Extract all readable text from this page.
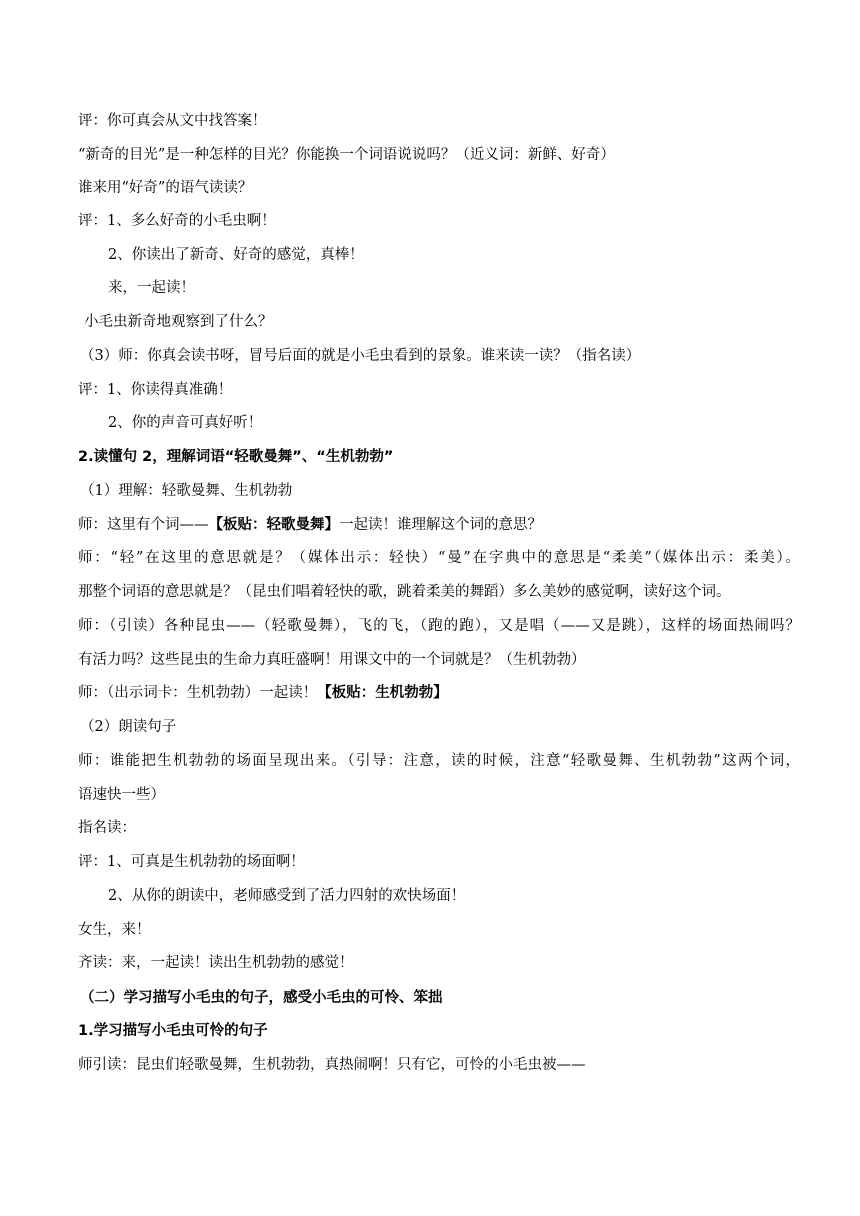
评：你可真会从文中找答案！
“新奇的目光”是一种怎样的目光？你能换一个词语说说吗？（近义词：新鲜、好奇）
谁来用“好奇”的语气读读？
评：1、多么好奇的小毛虫啊！
2、你读出了新奇、好奇的感觉，真棒！
来，一起读！
小毛虫新奇地观察到了什么？
（3）师：你真会读书呀，冒号后面的就是小毛虫看到的景象。谁来读一读？（指名读）
评：1、你读得真准确！
2、你的声音可真好听！
2.读懂句 2，理解词语“轻歌曼舞”、“生机勃勃”
（1）理解：轻歌曼舞、生机勃勃
师：这里有个词——【板贴：轻歌曼舞】一起读！谁理解这个词的意思？
师：“轻”在这里的意思就是？（媒体出示：轻快）“曼”在字典中的意思是“柔美”（媒体出示：柔美）。
那整个词语的意思就是？（昆虫们唱着轻快的歌，跳着柔美的舞蹈）多么美妙的感觉啊，读好这个词。
师：（引读）各种昆虫——（轻歌曼舞），飞的飞，（跑的跑），又是唱（——又是跳），这样的场面热闹吗？
有活力吗？这些昆虫的生命力真旺盛啊！用课文中的一个词就是？（生机勃勃）
师：（出示词卡：生机勃勃）一起读！【板贴：生机勃勃】
（2）朗读句子
师：谁能把生机勃勃的场面呈现出来。（引导：注意，读的时候，注意“轻歌曼舞、生机勃勃”这两个词，
语速快一些）
指名读：
评：1、可真是生机勃勃的场面啊！
2、从你的朗读中，老师感受到了活力四射的欢快场面！
女生，来！
齐读：来，一起读！读出生机勃勃的感觉！
（二）学习描写小毛虫的句子，感受小毛虫的可怜、笨拙
1.学习描写小毛虫可怜的句子
师引读：昆虫们轻歌曼舞，生机勃勃，真热闹啊！只有它，可怜的小毛虫被——
